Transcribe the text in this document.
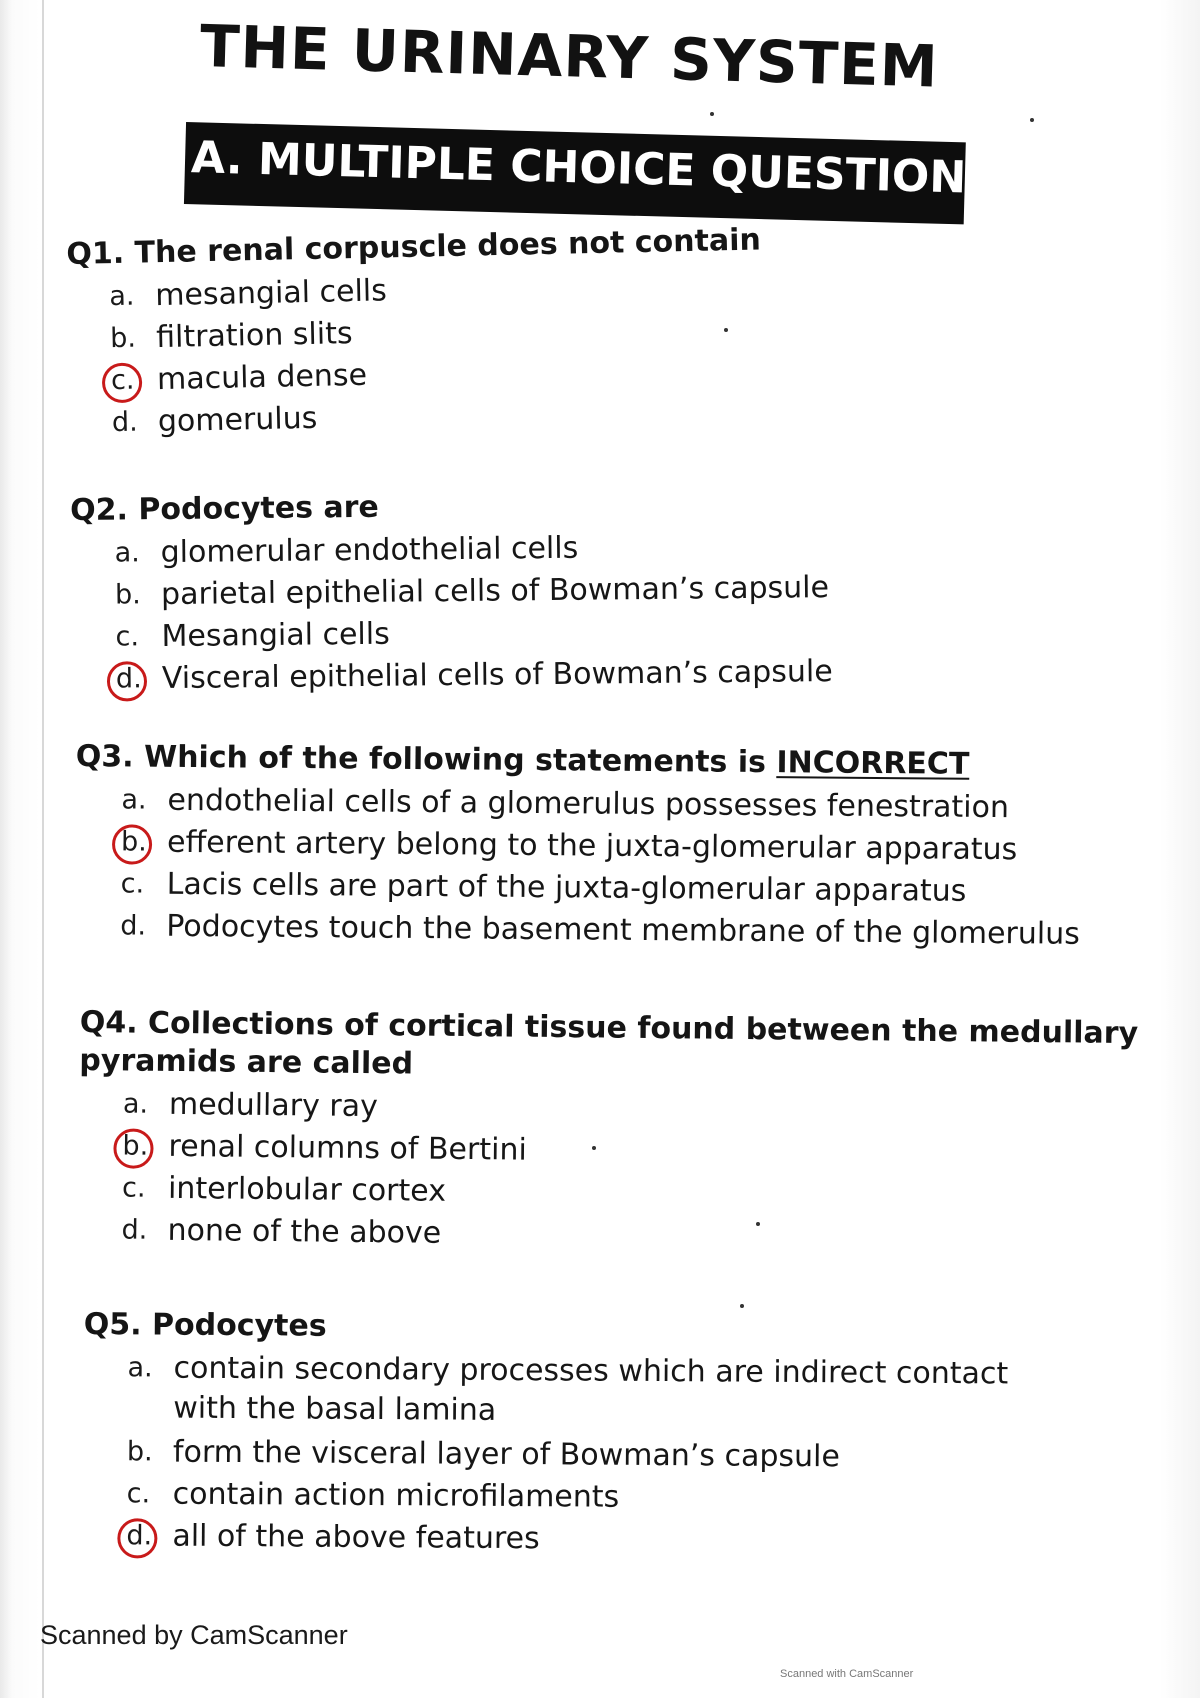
THE URINARY SYSTEM
A. MULTIPLE CHOICE QUESTIONS
Q1. The renal corpuscle does not contain
a. mesangial cells
b. filtration slits
c. macula dense
d. gomerulus
Q2. Podocytes are
a. glomerular endothelial cells
b. parietal epithelial cells of Bowman’s capsule
c. Mesangial cells
d. Visceral epithelial cells of Bowman’s capsule
Q3. Which of the following statements is INCORRECT
a. endothelial cells of a glomerulus possesses fenestration
b. efferent artery belong to the juxta-glomerular apparatus
c. Lacis cells are part of the juxta-glomerular apparatus
d. Podocytes touch the basement membrane of the glomerulus
Q4. Collections of cortical tissue found between the medullary
pyramids are called
a. medullary ray
b. renal columns of Bertini
c. interlobular cortex
d. none of the above
Q5. Podocytes
a. contain secondary processes which are indirect contact with the basal lamina
b. form the visceral layer of Bowman’s capsule
c. contain action microfilaments
d. all of the above features
Scanned by CamScanner
Scanned with CamScanner
